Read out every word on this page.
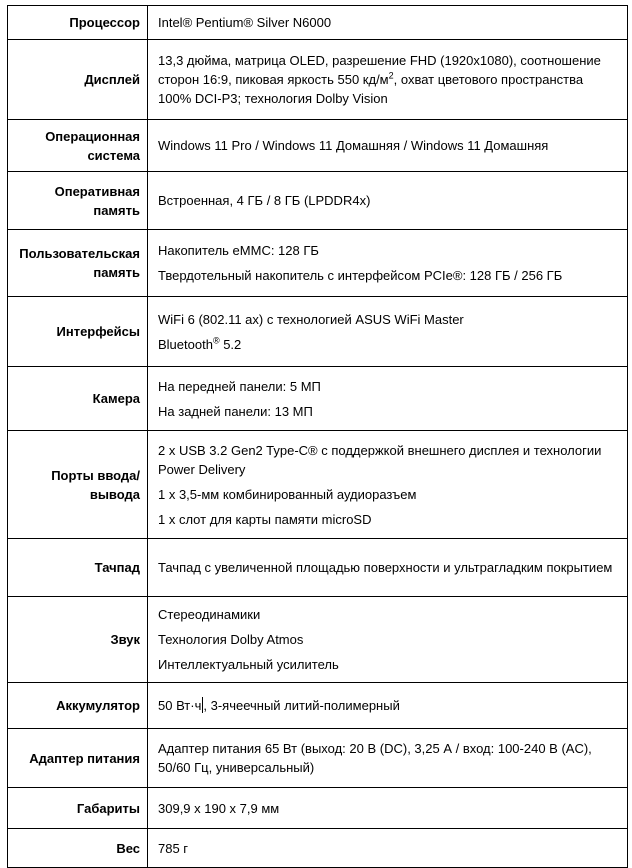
Процессор	Intel® Pentium® Silver N6000

Дисплей	13,3 дюйма, матрица OLED, разрешение FHD (1920x1080), соотношение сторон 16:9, пиковая яркость 550 $кд/м^2$, охват цветового пространства 100% DCI-P3; технология Dolby Vision

Операционная система	Windows 11 Pro / Windows 11 Домашняя / Windows 11 Домашняя

Оперативная память	Встроенная, 4 ГБ / 8 ГБ (LPDDR4x)

Пользовательская память	Накопитель eMMC: 128 ГБ

Твердотельный накопитель с интерфейсом PCIe®: 128 ГБ / 256 ГБ

Интерфейсы	WiFi 6 (802.11 ax) с технологией ASUS WiFi Master

Bluetooth® 5.2

Камера	На передней панели: 5 МП

На задней панели: 13 МП

Порты ввода/вывода	2 x USB 3.2 Gen2 Type-C® с поддержкой внешнего дисплея и технологии Power Delivery

1 x 3,5-мм комбинированный аудиоразъем

1 x слот для карты памяти microSD

Тачпад	Тачпад с увеличенной площадью поверхности и ультрагладким покрытием

Звук	Стереодинамики

Технология Dolby Atmos

Интеллектуальный усилитель

Аккумулятор	50 Вт·ч , 3-ячеечный литий-полимерный

Адаптер питания	Адаптер питания 65 Вт (выход: 20 В (DC), 3,25 А / вход: 100-240 В (AC), 50/60 Гц, универсальный)

Габариты	309,9 x 190 x 7,9 мм

Вес	785 г
